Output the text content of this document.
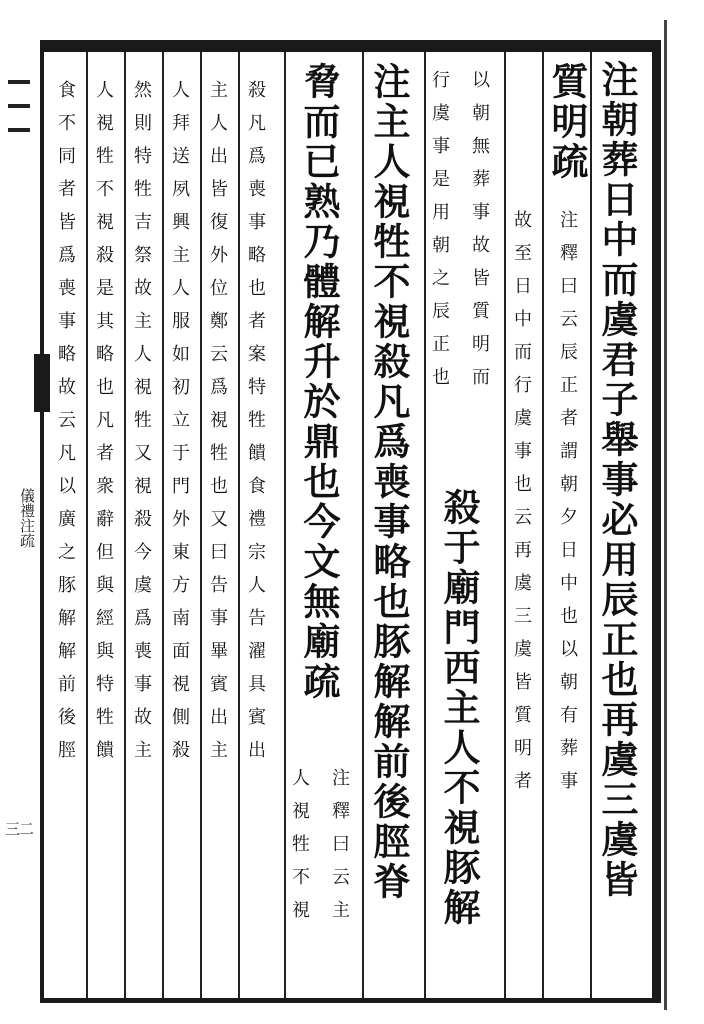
儀禮注疏
三二	注朝葬日中而虞君子舉事必用辰正也再虞三虞皆
質明疏
注釋曰云辰正者謂朝夕日中也以朝有葬事
故至日中而行虞事也云再虞三虞皆質明者
以朝無葬事故皆質明而
行虞事是用朝之辰正也
殺于廟門西主人不視豚解
注主人視牲不視殺凡爲喪事略也豚解解前後脛脊
脅而已熟乃體解升於鼎也今文無廟疏
注釋曰云主
人視牲不視
殺凡爲喪事略也者案特牲饋食禮宗人告濯具賓出
主人出皆復外位鄭云爲視牲也又曰告事畢賓出主
人拜送夙興主人服如初立于門外東方南面視側殺
然則特牲吉祭故主人視牲又視殺今虞爲喪事故主
人視牲不視殺是其略也凡者衆辭但與經與特牲饋
食不同者皆爲喪事略故云凡以廣之豚解解前後脛
